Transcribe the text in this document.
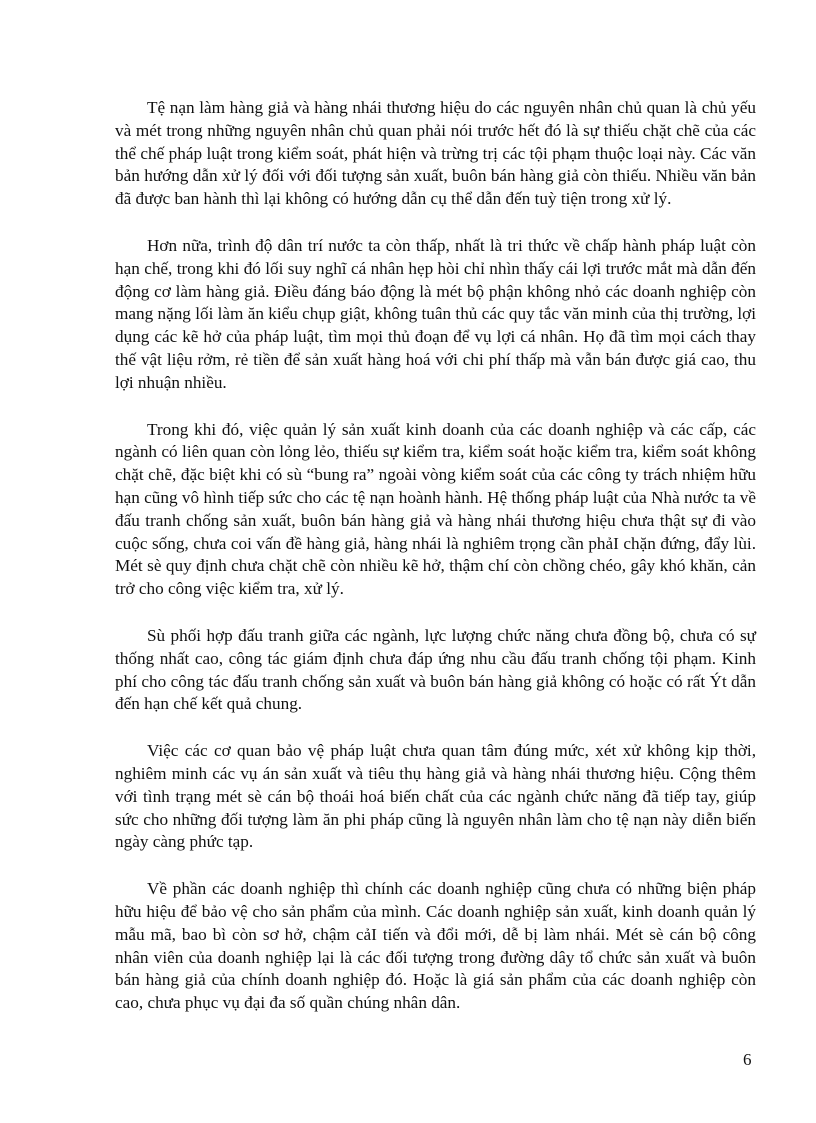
Tệ nạn làm hàng giả và hàng nhái thương hiệu do các nguyên nhân chủ quan là chủ yếu và mét trong những nguyên nhân chủ quan phải nói trước hết đó là sự thiếu chặt chẽ của các thể chế pháp luật trong kiểm soát, phát hiện và trừng trị các tội phạm thuộc loại này. Các văn bản hướng dẫn xử lý đối với đối tượng sản xuất, buôn bán hàng giả còn thiếu. Nhiều văn bản đã được ban hành thì lại không có hướng dẫn cụ thể dẫn đến tuỳ tiện trong xử lý.

Hơn nữa, trình độ dân trí nước ta còn thấp, nhất là tri thức về chấp hành pháp luật còn hạn chế, trong khi đó lối suy nghĩ cá nhân hẹp hòi chỉ nhìn thấy cái lợi trước mắt mà dẫn đến động cơ làm hàng giả. Điều đáng báo động là mét bộ phận không nhỏ các doanh nghiệp còn mang nặng lối làm ăn kiểu chụp giật, không tuân thủ các quy tắc văn minh của thị trường, lợi dụng các kẽ hở của pháp luật, tìm mọi thủ đoạn để vụ lợi cá nhân. Họ đã tìm mọi cách thay thế vật liệu rởm, rẻ tiền để sản xuất hàng hoá với chi phí thấp mà vẫn bán được giá cao, thu lợi nhuận nhiều.

Trong khi đó, việc quản lý sản xuất kinh doanh của các doanh nghiệp và các cấp, các ngành có liên quan còn lỏng lẻo, thiếu sự kiểm tra, kiểm soát hoặc kiểm tra, kiểm soát không chặt chẽ, đặc biệt khi có sù “bung ra” ngoài vòng kiểm soát của các công ty trách nhiệm hữu hạn cũng vô hình tiếp sức cho các tệ nạn hoành hành. Hệ thống pháp luật của Nhà nước ta về đấu tranh chống sản xuất, buôn bán hàng giả và hàng nhái thương hiệu chưa thật sự đi vào cuộc sống, chưa coi vấn đề hàng giả, hàng nhái là nghiêm trọng cần phảI chặn đứng, đẩy lùi. Mét sè quy định chưa chặt chẽ còn nhiều kẽ hở, thậm chí còn chồng chéo, gây khó khăn, cản trở cho công việc kiểm tra, xử lý.

Sù phối hợp đấu tranh giữa các ngành, lực lượng chức năng chưa đồng bộ, chưa có sự thống nhất cao, công tác giám định chưa đáp ứng nhu cầu đấu tranh chống tội phạm. Kinh phí cho công tác đấu tranh chống sản xuất và buôn bán hàng giả không có hoặc có rất Ýt dẫn đến hạn chế kết quả chung.

Việc các cơ quan bảo vệ pháp luật chưa quan tâm đúng mức, xét xử không kịp thời, nghiêm minh các vụ án sản xuất và tiêu thụ hàng giả và hàng nhái thương hiệu. Cộng thêm với tình trạng mét sè cán bộ thoái hoá biến chất của các ngành chức năng đã tiếp tay, giúp sức cho những đối tượng làm ăn phi pháp cũng là nguyên nhân làm cho tệ nạn này diễn biến ngày càng phức tạp.

Về phần các doanh nghiệp thì chính các doanh nghiệp cũng chưa có những biện pháp hữu hiệu để bảo vệ cho sản phẩm của mình. Các doanh nghiệp sản xuất, kinh doanh quản lý mẫu mã, bao bì còn sơ hở, chậm cảI tiến và đổi mới, dễ bị làm nhái. Mét sè cán bộ công nhân viên của doanh nghiệp lại là các đối tượng trong đường dây tổ chức sản xuất và buôn bán hàng giả của chính doanh nghiệp đó. Hoặc là giá sản phẩm của các doanh nghiệp còn cao, chưa phục vụ đại đa số quần chúng nhân dân.

6
